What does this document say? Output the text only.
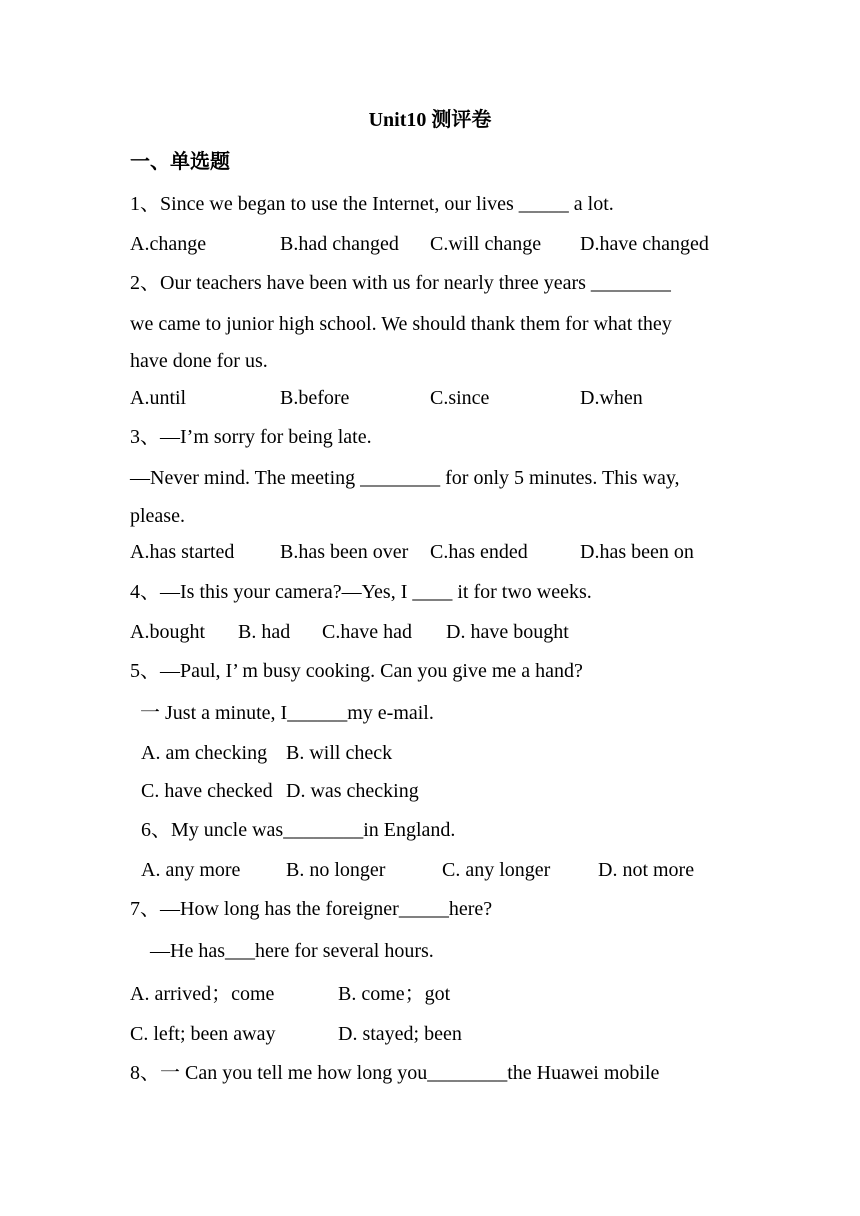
Unit10 测评卷
一、单选题
1、Since we began to use the Internet, our lives _____ a lot.
A.change	B.had changed C.will change D.have changed
2、Our teachers have been with us for nearly three years ________
we came to junior high school. We should thank them for what they
have done for us.
A.until	B.before	C.since	D.when
3、—I’m sorry for being late.
—Never mind. The meeting ________ for only 5 minutes. This way,
please.
A.has started B.has been over C.has ended	D.has been on
4、—Is this your camera?—Yes, I ____ it for two weeks.
A.bought B. had C.have had D. have bought
5、—Paul, I’ m busy cooking. Can you give me a hand?
一 Just a minute, I______my e-mail.
A. am checking B. will check
C. have checked D. was checking
6、My uncle was________in England.
A. any more B. no longer	C. any longer D. not more
7、—How long has the foreigner_____here?
—He has___here for several hours.
A. arrived；come	B. come；got
C. left; been away	D. stayed; been
8、一 Can you tell me how long you________the Huawei mobile
